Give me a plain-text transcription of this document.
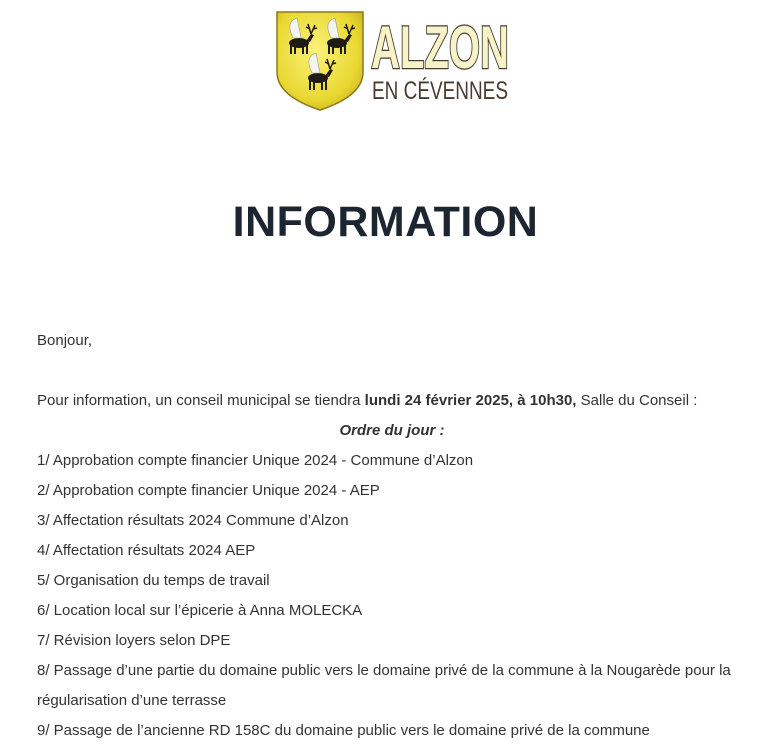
ALZON
EN CÉVENNES
INFORMATION

Bonjour,

Pour information, un conseil municipal se tiendra lundi 24 février 2025, à 10h30, Salle du Conseil :

Ordre du jour :

1/ Approbation compte financier Unique 2024 - Commune d’Alzon
2/ Approbation compte financier Unique 2024 - AEP
3/ Affectation résultats 2024 Commune d’Alzon
4/ Affectation résultats 2024 AEP
5/ Organisation du temps de travail
6/ Location local sur l’épicerie à Anna MOLECKA
7/ Révision loyers selon DPE
8/ Passage d’une partie du domaine public vers le domaine privé de la commune à la Nougarède pour la régularisation d’une terrasse
9/ Passage de l’ancienne RD 158C du domaine public vers le domaine privé de la commune
